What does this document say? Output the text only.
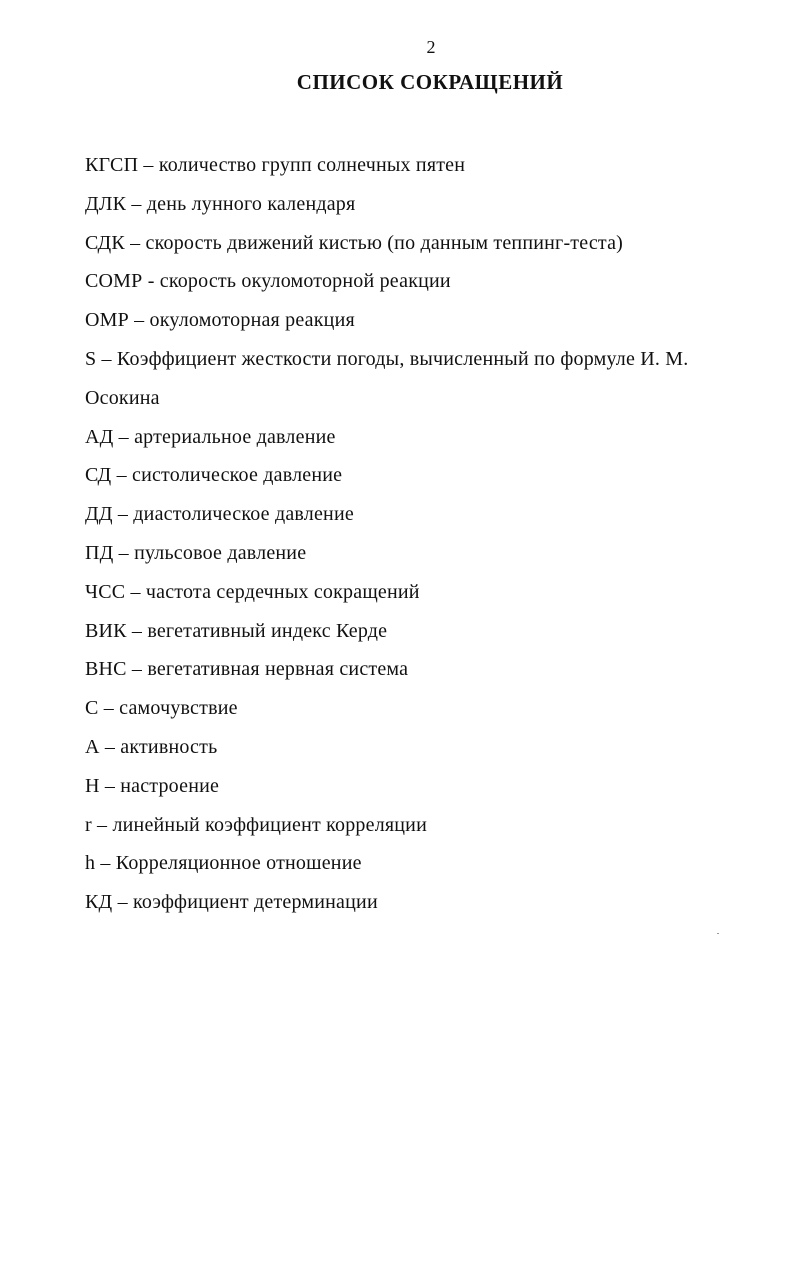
2
СПИСОК СОКРАЩЕНИЙ
КГСП – количество групп солнечных пятен
ДЛК – день лунного календаря
СДК – скорость движений кистью (по данным теппинг-теста)
СОМР - скорость окуломоторной реакции
ОМР – окуломоторная реакция
S – Коэффициент жесткости погоды, вычисленный по формуле И. М.
Осокина
АД – артериальное давление
СД – систолическое давление
ДД – диастолическое давление
ПД – пульсовое давление
ЧСС – частота сердечных сокращений
ВИК – вегетативный индекс Керде
ВНС – вегетативная нервная система
С – самочувствие
А – активность
Н – настроение
r – линейный коэффициент корреляции
h – Корреляционное отношение
КД – коэффициент детерминации
